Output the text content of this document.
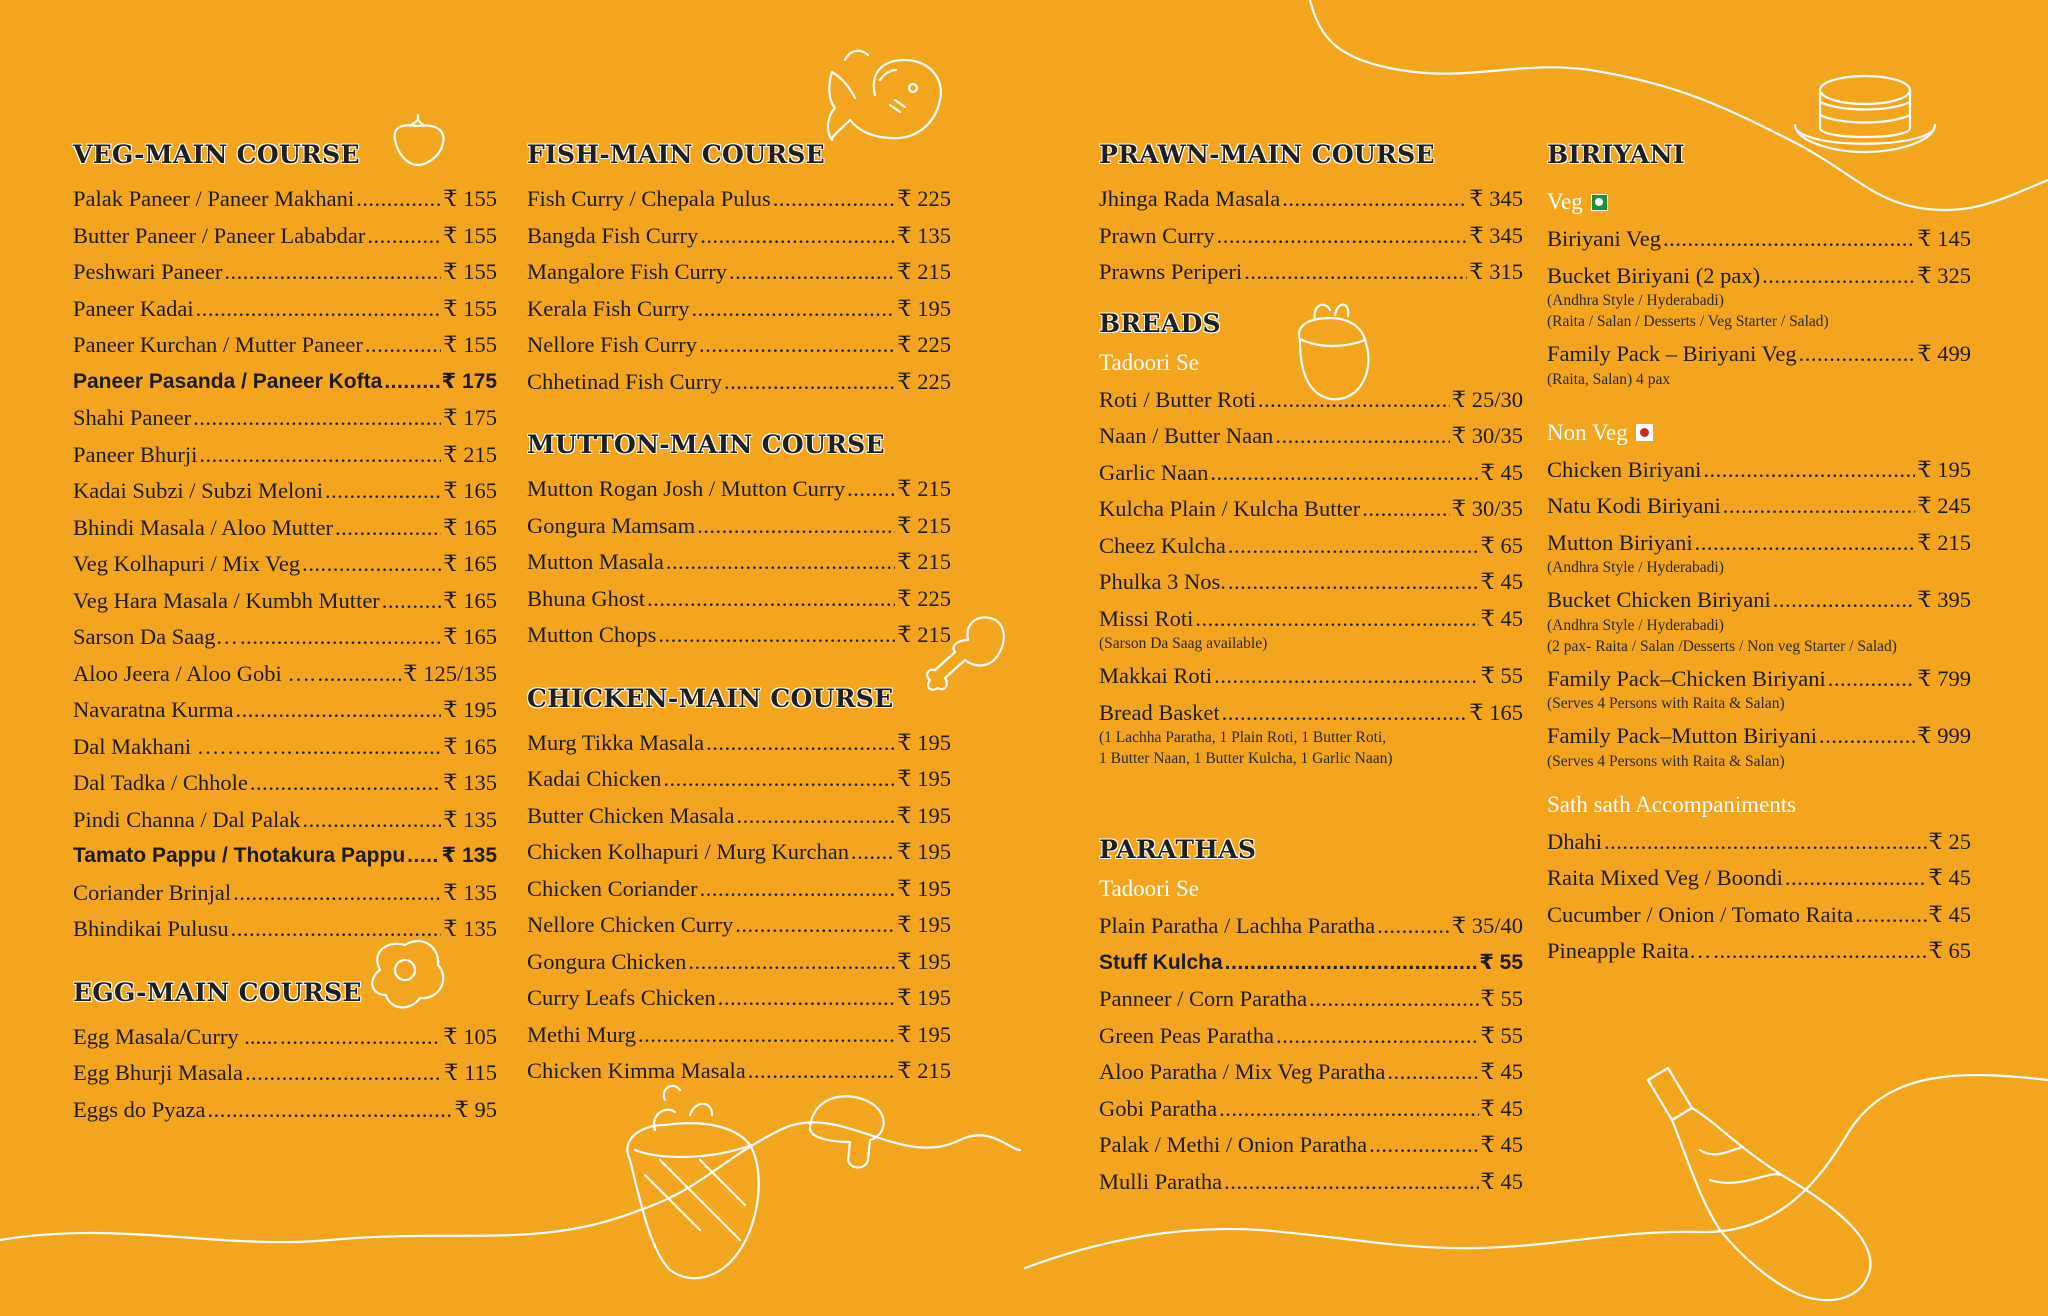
VEG-MAIN COURSE
Palak Paneer / Paneer Makhani .....	₹ 155
Butter Paneer / Paneer Lababdar .....	₹ 155
Peshwari Paneer .....	₹ 155
Paneer Kadai .....	₹ 155
Paneer Kurchan / Mutter Paneer .....	₹ 155
Paneer Pasanda / Paneer Kofta .....	₹ 175
Shahi Paneer .....	₹ 175
Paneer Bhurji .....	₹ 215
Kadai Subzi / Subzi Meloni .....	₹ 165
Bhindi Masala / Aloo Mutter .....	₹ 165
Veg Kolhapuri / Mix Veg .....	₹ 165
Veg Hara Masala / Kumbh Mutter .....	₹ 165
Sarson Da Saag… .....	₹ 165
Aloo Jeera / Aloo Gobi …. .....	₹ 125/135
Navaratna Kurma .....	₹ 195
Dal Makhani …………. .....	₹ 165
Dal Tadka / Chhole .....	₹ 135
Pindi Channa / Dal Palak .....	₹ 135
Tamato Pappu / Thotakura Pappu ..... ₹ 135
Coriander Brinjal .....	₹ 135
Bhindikai Pulusu .....	₹ 135
EGG-MAIN COURSE
Egg Masala/Curry ...... .....	₹ 105
Egg Bhurji Masala .....	₹ 115
Eggs do Pyaza .....	₹ 95
FISH-MAIN COURSE
Fish Curry / Chepala Pulus .....	₹ 225
Bangda Fish Curry .....	₹ 135
Mangalore Fish Curry .....	₹ 215
Kerala Fish Curry .....	₹ 195
Nellore Fish Curry .....	₹ 225
Chhetinad Fish Curry .....	₹ 225
MUTTON-MAIN COURSE
Mutton Rogan Josh / Mutton Curry ..... ₹ 215
Gongura Mamsam .....	₹ 215
Mutton Masala .....	₹ 215
Bhuna Ghost .....	₹ 225
Mutton Chops .....	₹ 215
CHICKEN-MAIN COURSE
Murg Tikka Masala .....	₹ 195
Kadai Chicken .....	₹ 195
Butter Chicken Masala .....	₹ 195
Chicken Kolhapuri / Murg Kurchan ..... ₹ 195
Chicken Coriander .....	₹ 195
Nellore Chicken Curry .....	₹ 195
Gongura Chicken .....	₹ 195
Curry Leafs Chicken .....	₹ 195
Methi Murg .....	₹ 195
Chicken Kimma Masala .....	₹ 215
PRAWN-MAIN COURSE
Jhinga Rada Masala .....	₹ 345
Prawn Curry .....	₹ 345
Prawns Periperi .....	₹ 315
BREADS
Tadoori Se
Roti / Butter Roti .....	₹ 25/30
Naan / Butter Naan .....	₹ 30/35
Garlic Naan .....	₹ 45
Kulcha Plain / Kulcha Butter .....	₹ 30/35
Cheez Kulcha .....	₹ 65
Phulka 3 Nos. .....	₹ 45
Missi Roti .....	₹ 45
(Sarson Da Saag available)
Makkai Roti .....	₹ 55
Bread Basket .....	₹ 165
(1 Lachha Paratha, 1 Plain Roti, 1 Butter Roti,
1 Butter Naan, 1 Butter Kulcha, 1 Garlic Naan)
PARATHAS
Tadoori Se
Plain Paratha / Lachha Paratha .....	₹ 35/40
Stuff Kulcha .....	₹ 55
Panneer / Corn Paratha .....	₹ 55
Green Peas Paratha .....	₹ 55
Aloo Paratha / Mix Veg Paratha .....	₹ 45
Gobi Paratha .....	₹ 45
Palak / Methi / Onion Paratha .....	₹ 45
Mulli Paratha .....	₹ 45
BIRIYANI
Veg
Biriyani Veg .....	₹ 145
Bucket Biriyani (2 pax) .....	₹ 325
(Andhra Style / Hyderabadi)
(Raita / Salan / Desserts / Veg Starter / Salad)
Family Pack – Biriyani Veg .....	₹ 499
(Raita, Salan) 4 pax
Non Veg
Chicken Biriyani .....	₹ 195
Natu Kodi Biriyani .....	₹ 245
Mutton Biriyani .....	₹ 215
(Andhra Style / Hyderabadi)
Bucket Chicken Biriyani .....	₹ 395
(Andhra Style / Hyderabadi)
(2 pax- Raita / Salan /Desserts / Non veg Starter / Salad)
Family Pack–Chicken Biriyani .....	₹ 799
(Serves 4 Persons with Raita & Salan)
Family Pack–Mutton Biriyani .....	₹ 999
(Serves 4 Persons with Raita & Salan)
Sath sath Accompaniments
Dhahi .....	₹ 25
Raita Mixed Veg / Boondi .....	₹ 45
Cucumber / Onion / Tomato Raita .....	₹ 45
Pineapple Raita… .....	₹ 65
